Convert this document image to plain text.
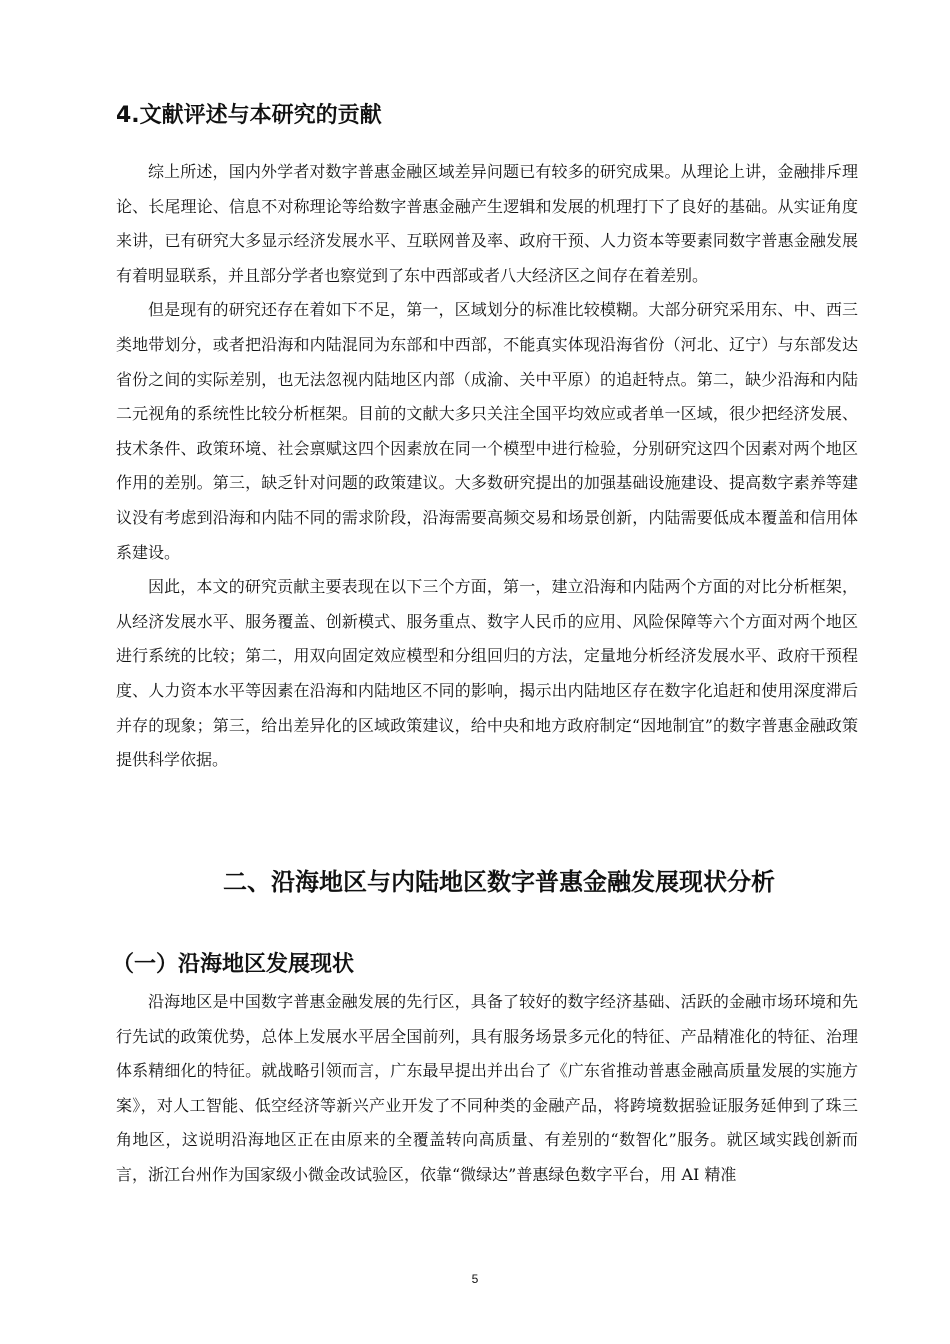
4.文献评述与本研究的贡献

综上所述，国内外学者对数字普惠金融区域差异问题已有较多的研究成果。从理论上讲，金融排斥理论、长尾理论、信息不对称理论等给数字普惠金融产生逻辑和发展的机理打下了良好的基础。从实证角度来讲，已有研究大多显示经济发展水平、互联网普及率、政府干预、人力资本等要素同数字普惠金融发展有着明显联系，并且部分学者也察觉到了东中西部或者八大经济区之间存在着差别。

但是现有的研究还存在着如下不足，第一，区域划分的标准比较模糊。大部分研究采用东、中、西三类地带划分，或者把沿海和内陆混同为东部和中西部，不能真实体现沿海省份（河北、辽宁）与东部发达省份之间的实际差别，也无法忽视内陆地区内部（成渝、关中平原）的追赶特点。第二，缺少沿海和内陆二元视角的系统性比较分析框架。目前的文献大多只关注全国平均效应或者单一区域，很少把经济发展、技术条件、政策环境、社会禀赋这四个因素放在同一个模型中进行检验，分别研究这四个因素对两个地区作用的差别。第三，缺乏针对问题的政策建议。大多数研究提出的加强基础设施建设、提高数字素养等建议没有考虑到沿海和内陆不同的需求阶段，沿海需要高频交易和场景创新，内陆需要低成本覆盖和信用体系建设。

因此，本文的研究贡献主要表现在以下三个方面，第一，建立沿海和内陆两个方面的对比分析框架，从经济发展水平、服务覆盖、创新模式、服务重点、数字人民币的应用、风险保障等六个方面对两个地区进行系统的比较；第二，用双向固定效应模型和分组回归的方法，定量地分析经济发展水平、政府干预程度、人力资本水平等因素在沿海和内陆地区不同的影响，揭示出内陆地区存在数字化追赶和使用深度滞后并存的现象；第三，给出差异化的区域政策建议，给中央和地方政府制定“因地制宜”的数字普惠金融政策提供科学依据。

二、沿海地区与内陆地区数字普惠金融发展现状分析
（一）沿海地区发展现状

沿海地区是中国数字普惠金融发展的先行区，具备了较好的数字经济基础、活跃的金融市场环境和先行先试的政策优势，总体上发展水平居全国前列，具有服务场景多元化的特征、产品精准化的特征、治理体系精细化的特征。就战略引领而言，广东最早提出并出台了《广东省推动普惠金融高质量发展的实施方案》，对人工智能、低空经济等新兴产业开发了不同种类的金融产品，将跨境数据验证服务延伸到了珠三角地区，这说明沿海地区正在由原来的全覆盖转向高质量、有差别的“数智化”服务。就区域实践创新而言，浙江台州作为国家级小微金改试验区，依靠“微绿达”普惠绿色数字平台，用 AI 精准

5
